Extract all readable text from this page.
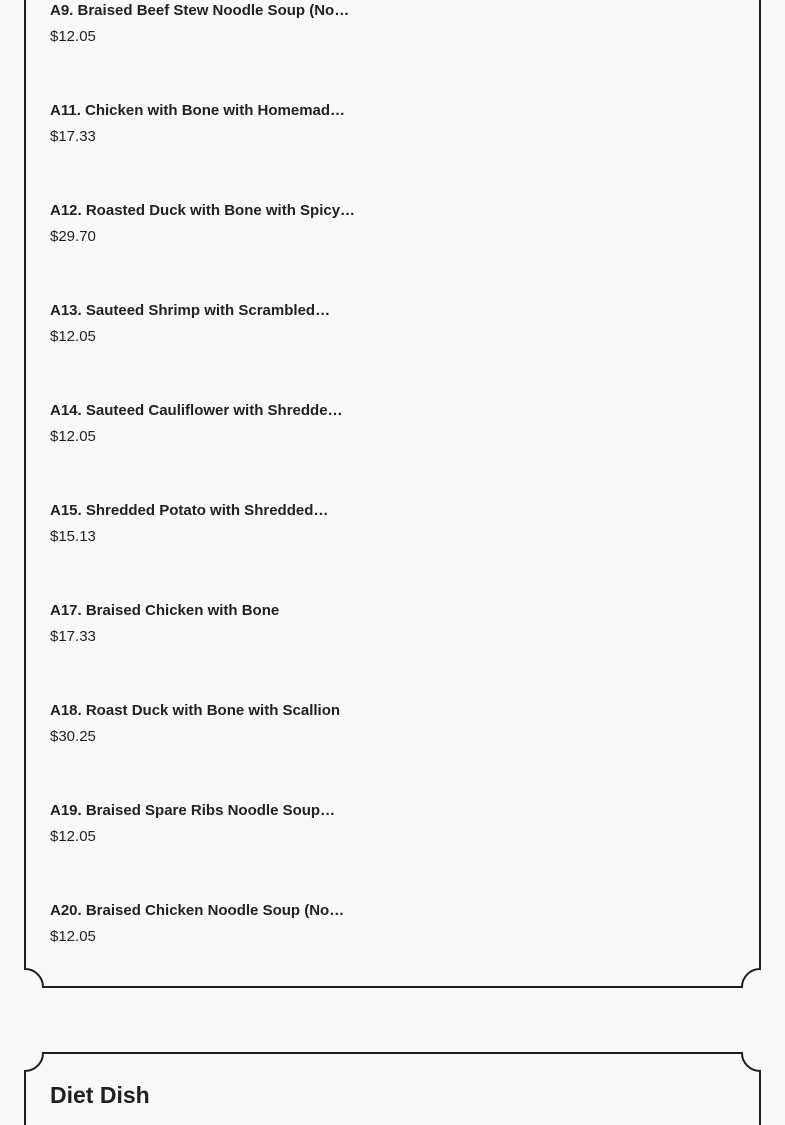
A9. Braised Beef Stew Noodle Soup (No…
$12.05
A11. Chicken with Bone with Homemad…
$17.33
A12. Roasted Duck with Bone with Spicy…
$29.70
A13. Sauteed Shrimp with Scrambled…
$12.05
A14. Sauteed Cauliflower with Shredde…
$12.05
A15. Shredded Potato with Shredded…
$15.13
A17. Braised Chicken with Bone
$17.33
A18. Roast Duck with Bone with Scallion
$30.25
A19. Braised Spare Ribs Noodle Soup…
$12.05
A20. Braised Chicken Noodle Soup (No…
$12.05
Diet Dish
